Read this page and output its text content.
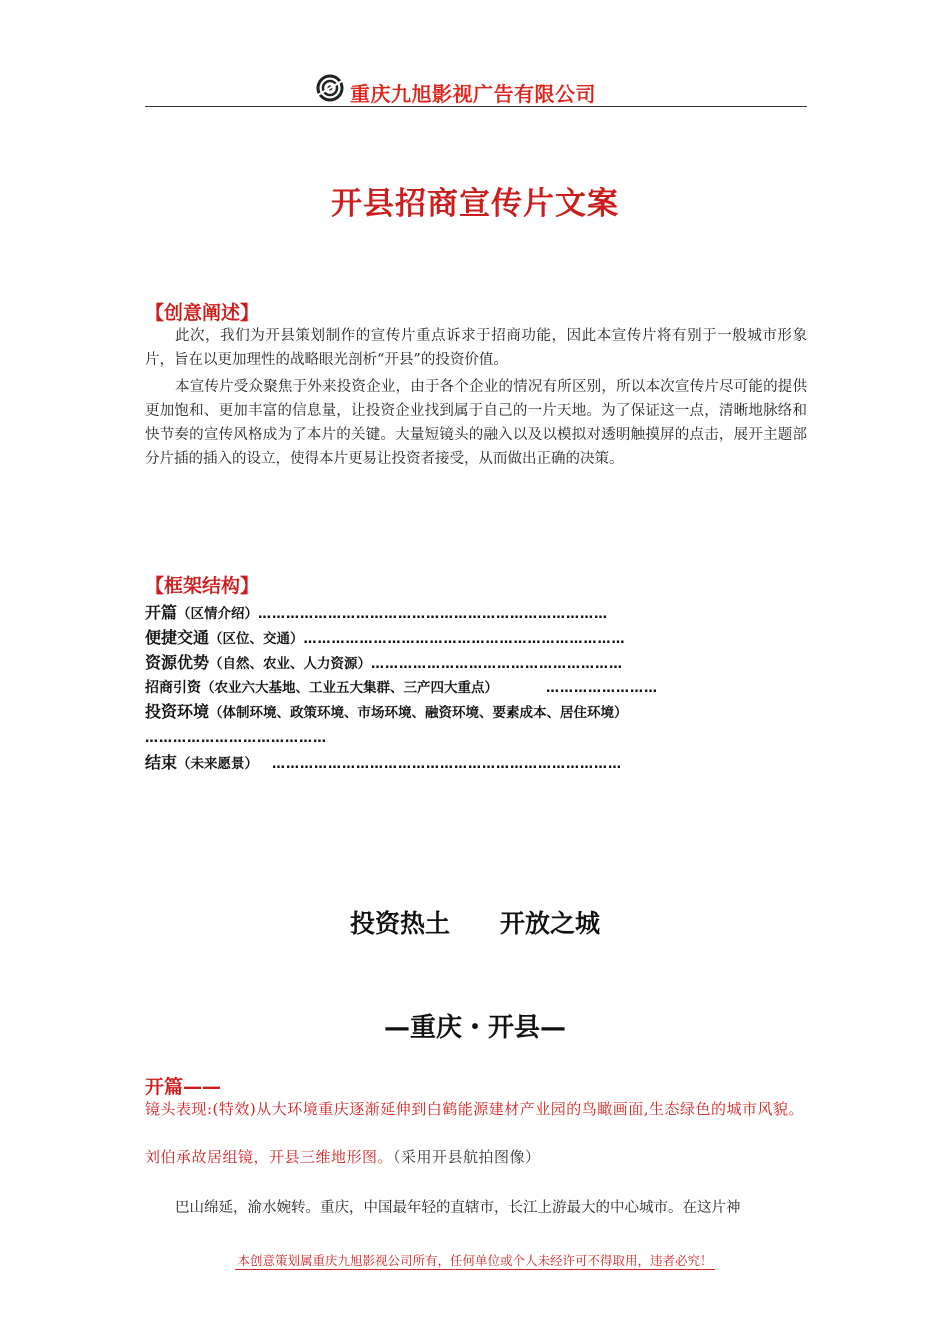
重庆九旭影视广告有限公司
开县招商宣传片文案
【创意阐述】

此次，我们为开县策划制作的宣传片重点诉求于招商功能，因此本宣传片将有别于一般城市形象片，旨在以更加理性的战略眼光剖析“开县”的投资价值。

本宣传片受众聚焦于外来投资企业，由于各个企业的情况有所区别，所以本次宣传片尽可能的提供更加饱和、更加丰富的信息量，让投资企业找到属于自己的一片天地。为了保证这一点，清晰地脉络和快节奏的宣传风格成为了本片的关键。大量短镜头的融入以及以模拟对透明触摸屏的点击，展开主题部分片插的插入的设立，使得本片更易让投资者接受，从而做出正确的决策。

【框架结构】
开篇（区情介绍）…………………………………………………………………
便捷交通（区位、交通）……………………………………………………………
资源优势（自然、农业、人力资源）………………………………………………
招商引资（农业六大基地、工业五大集群、三产四大重点）	……………………
投资环境（体制环境、政策环境、市场环境、融资环境、要素成本、居住环境）
…………………………………
结束（未来愿景） …………………………………………………………………
投资热土 开放之城
—重庆・开县—
开篇——

镜头表现:(特效)从大环境重庆逐渐延伸到白鹤能源建材产业园的鸟瞰画面,生态绿色的城市风貌。

刘伯承故居组镜，开县三维地形图。（采用开县航拍图像）

巴山绵延，渝水婉转。重庆，中国最年轻的直辖市，长江上游最大的中心城市。在这片神

本创意策划属重庆九旭影视公司所有，任何单位或个人未经许可不得取用，违者必究！
